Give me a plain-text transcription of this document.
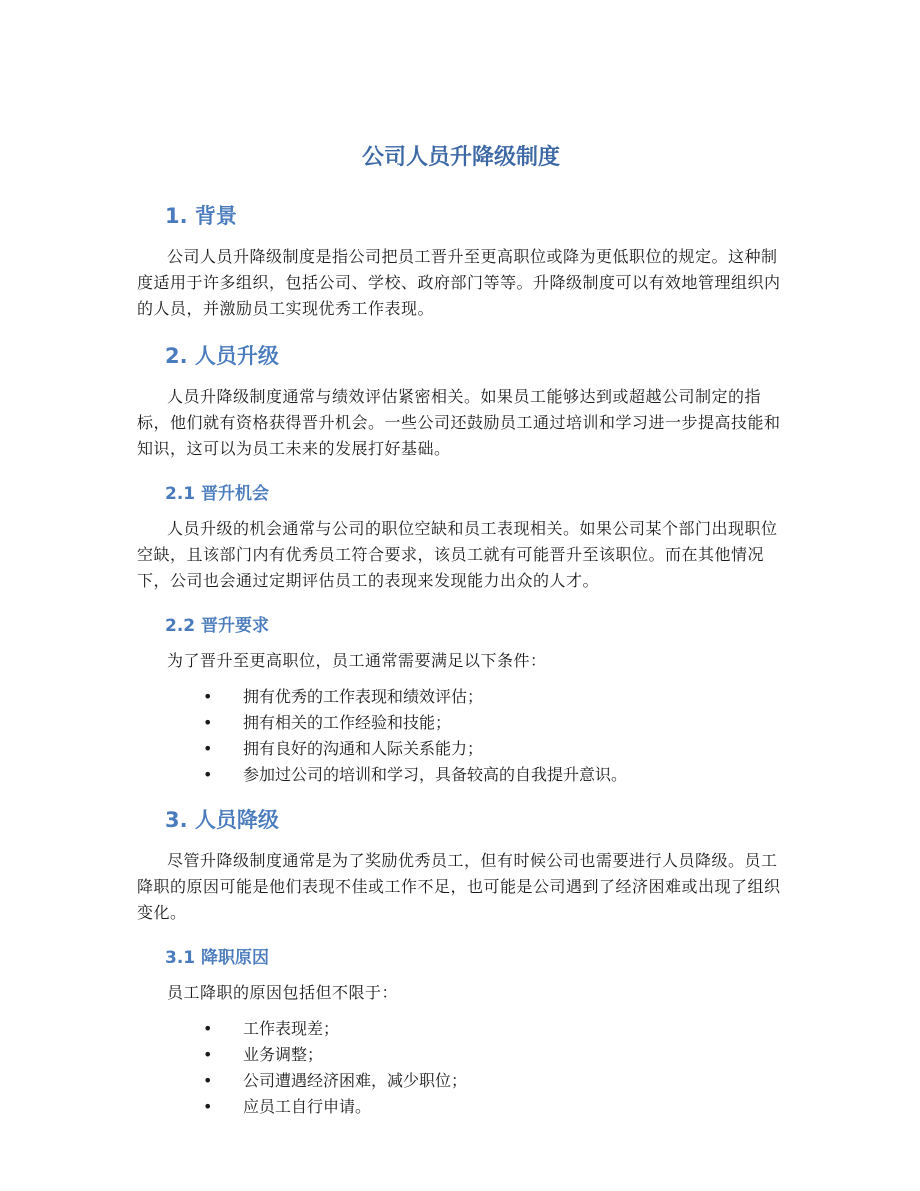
公司人员升降级制度
1. 背景

公司人员升降级制度是指公司把员工晋升至更高职位或降为更低职位的规定。这种制度适用于许多组织，包括公司、学校、政府部门等等。升降级制度可以有效地管理组织内的人员，并激励员工实现优秀工作表现。

2. 人员升级

人员升降级制度通常与绩效评估紧密相关。如果员工能够达到或超越公司制定的指标，他们就有资格获得晋升机会。一些公司还鼓励员工通过培训和学习进一步提高技能和知识，这可以为员工未来的发展打好基础。

2.1 晋升机会

人员升级的机会通常与公司的职位空缺和员工表现相关。如果公司某个部门出现职位空缺，且该部门内有优秀员工符合要求，该员工就有可能晋升至该职位。而在其他情况下，公司也会通过定期评估员工的表现来发现能力出众的人才。

2.2 晋升要求

为了晋升至更高职位，员工通常需要满足以下条件：

• 拥有优秀的工作表现和绩效评估；
• 拥有相关的工作经验和技能；
• 拥有良好的沟通和人际关系能力；
• 参加过公司的培训和学习，具备较高的自我提升意识。
3. 人员降级

尽管升降级制度通常是为了奖励优秀员工，但有时候公司也需要进行人员降级。员工降职的原因可能是他们表现不佳或工作不足，也可能是公司遇到了经济困难或出现了组织变化。

3.1 降职原因

员工降职的原因包括但不限于：

• 工作表现差；
• 业务调整；
• 公司遭遇经济困难，减少职位；
• 应员工自行申请。
